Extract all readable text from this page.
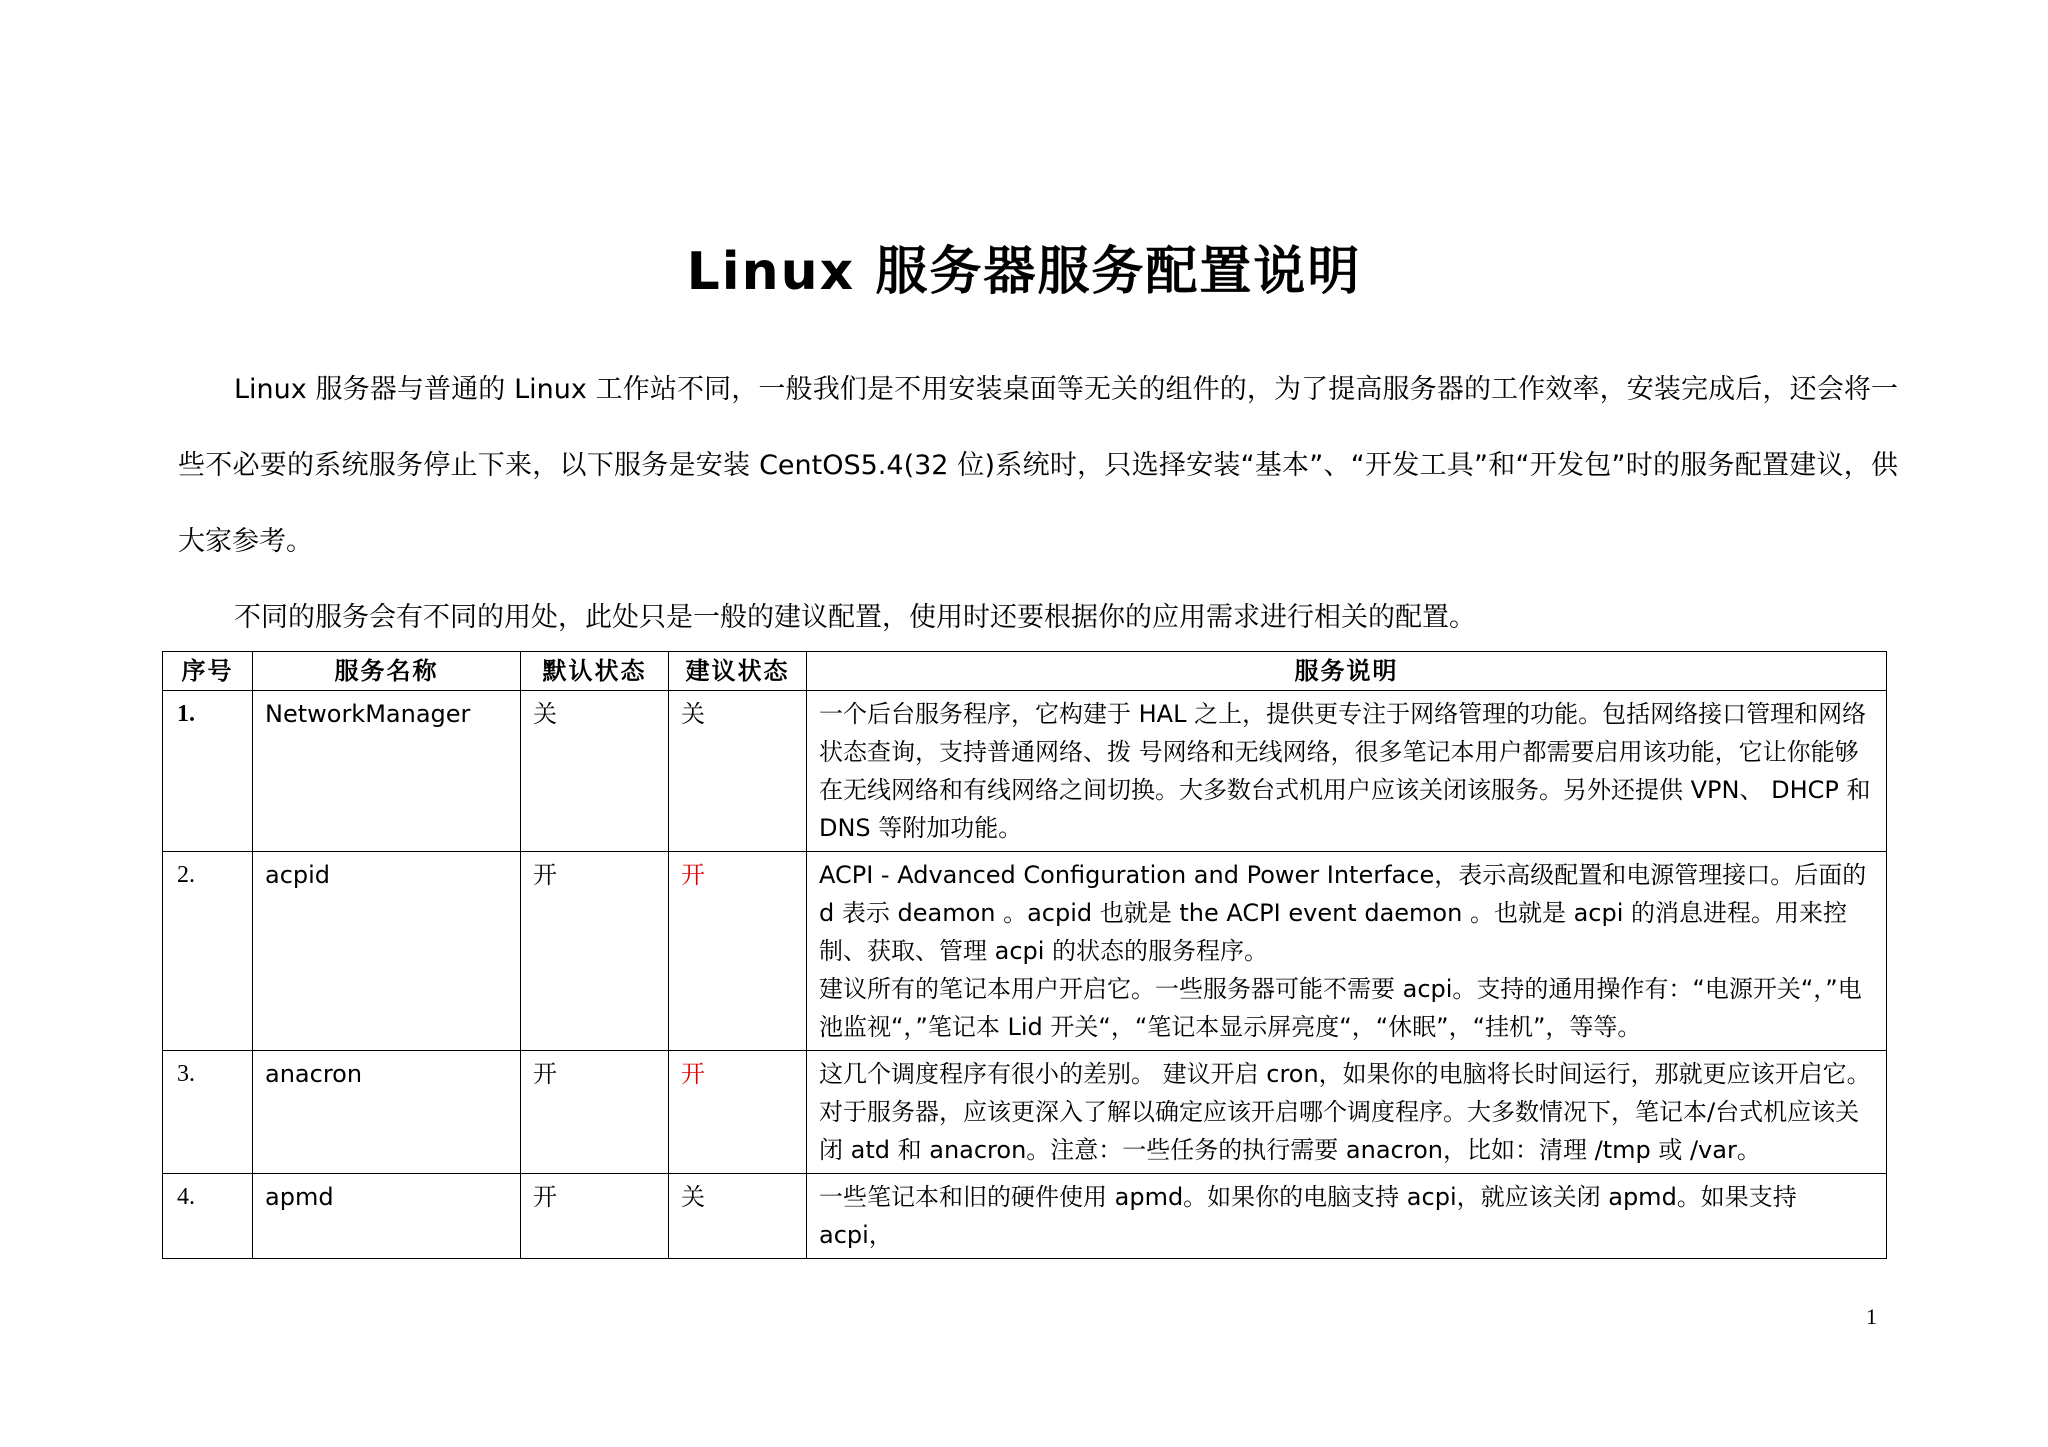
Linux 服务器服务配置说明
Linux 服务器与普通的 Linux 工作站不同，一般我们是不用安装桌面等无关的组件的，为了提高服务器的工作效率，安装完成后，还会将一些不必要的系统服务停止下来，以下服务是安装 CentOS5.4(32 位)系统时，只选择安装“基本”、“开发工具”和“开发包”时的服务配置建议，供大家参考。
不同的服务会有不同的用处，此处只是一般的建议配置，使用时还要根据你的应用需求进行相关的配置。
序号	服务名称	默认状态	建议状态	服务说明
1.	NetworkManager	关	关	一个后台服务程序，它构建于 HAL 之上，提供更专注于网络管理的功能。包括网络接口管理和网络状态查询，支持普通网络、拨 号网络和无线网络，很多笔记本用户都需要启用该功能，它让你能够在无线网络和有线网络之间切换。大多数台式机用户应该关闭该服务。另外还提供 VPN、 DHCP 和 DNS 等附加功能。

2.	acpid	开	开	ACPI - Advanced Configuration and Power Interface，表示高级配置和电源管理接口。后面的 d 表示 deamon 。acpid 也就是 the ACPI event daemon 。也就是 acpi 的消息进程。用来控制、获取、管理 acpi 的状态的服务程序。
建议所有的笔记本用户开启它。一些服务器可能不需要 acpi。支持的通用操作有：“电源开关“，”电池监视“，”笔记本 Lid 开关“，“笔记本显示屏亮度“，“休眠”，“挂机”，等等。

3.	anacron	开	开	这几个调度程序有很小的差别。 建议开启 cron，如果你的电脑将长时间运行，那就更应该开启它。对于服务器，应该更深入了解以确定应该开启哪个调度程序。大多数情况下，笔记本/台式机应该关闭 atd 和 anacron。注意：一些任务的执行需要 anacron，比如：清理 /tmp 或 /var。

4.	apmd	开	关	一些笔记本和旧的硬件使用 apmd。如果你的电脑支持 acpi，就应该关闭 apmd。如果支持 acpi，
1
